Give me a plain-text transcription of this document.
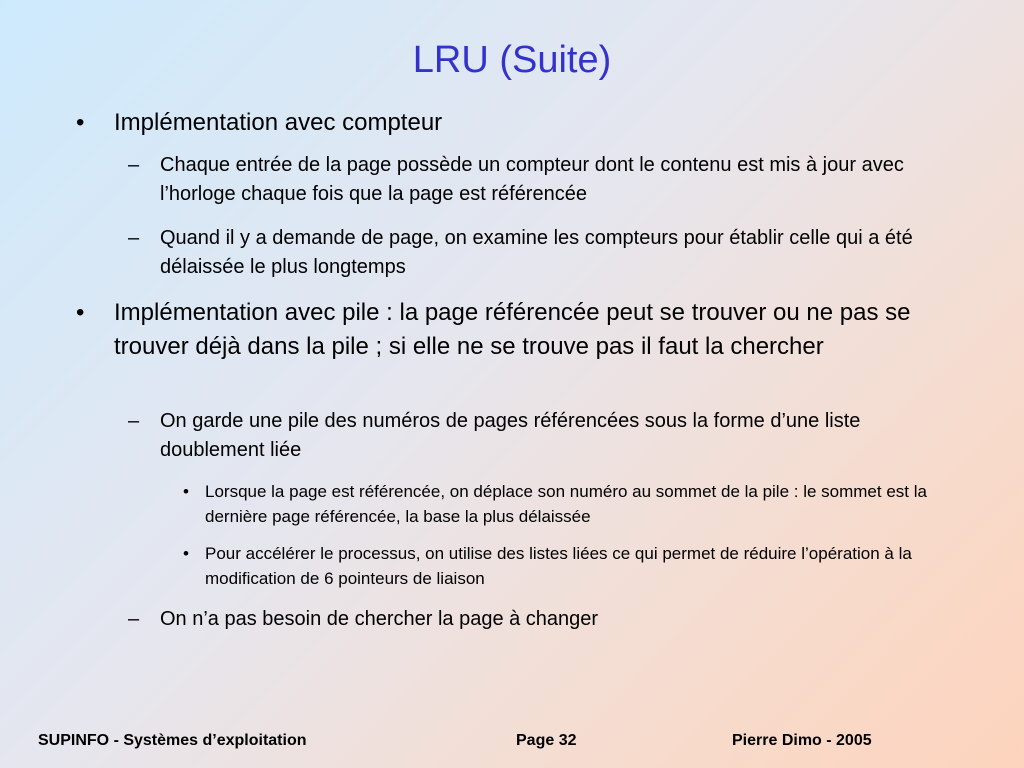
LRU (Suite)
• Implémentation avec compteur
– Chaque entrée de la page possède un compteur dont le contenu est mis à jour avec l’horloge chaque fois que la page est référencée
– Quand il y a demande de page, on examine les compteurs pour établir celle qui a été délaissée le plus longtemps
• Implémentation avec pile : la page référencée peut se trouver ou ne pas se trouver déjà dans la pile ; si elle ne se trouve pas il faut la chercher
– On garde une pile des numéros de pages référencées sous la forme d’une liste doublement liée
• Lorsque la page est référencée, on déplace son numéro au sommet de la pile : le sommet est la dernière page référencée, la base la plus délaissée
• Pour accélérer le processus, on utilise des listes liées ce qui permet de réduire l’opération à la modification de 6 pointeurs de liaison
– On n’a pas besoin de chercher la page à changer
SUPINFO - Systèmes d’exploitation	Page 32	Pierre Dimo - 2005
